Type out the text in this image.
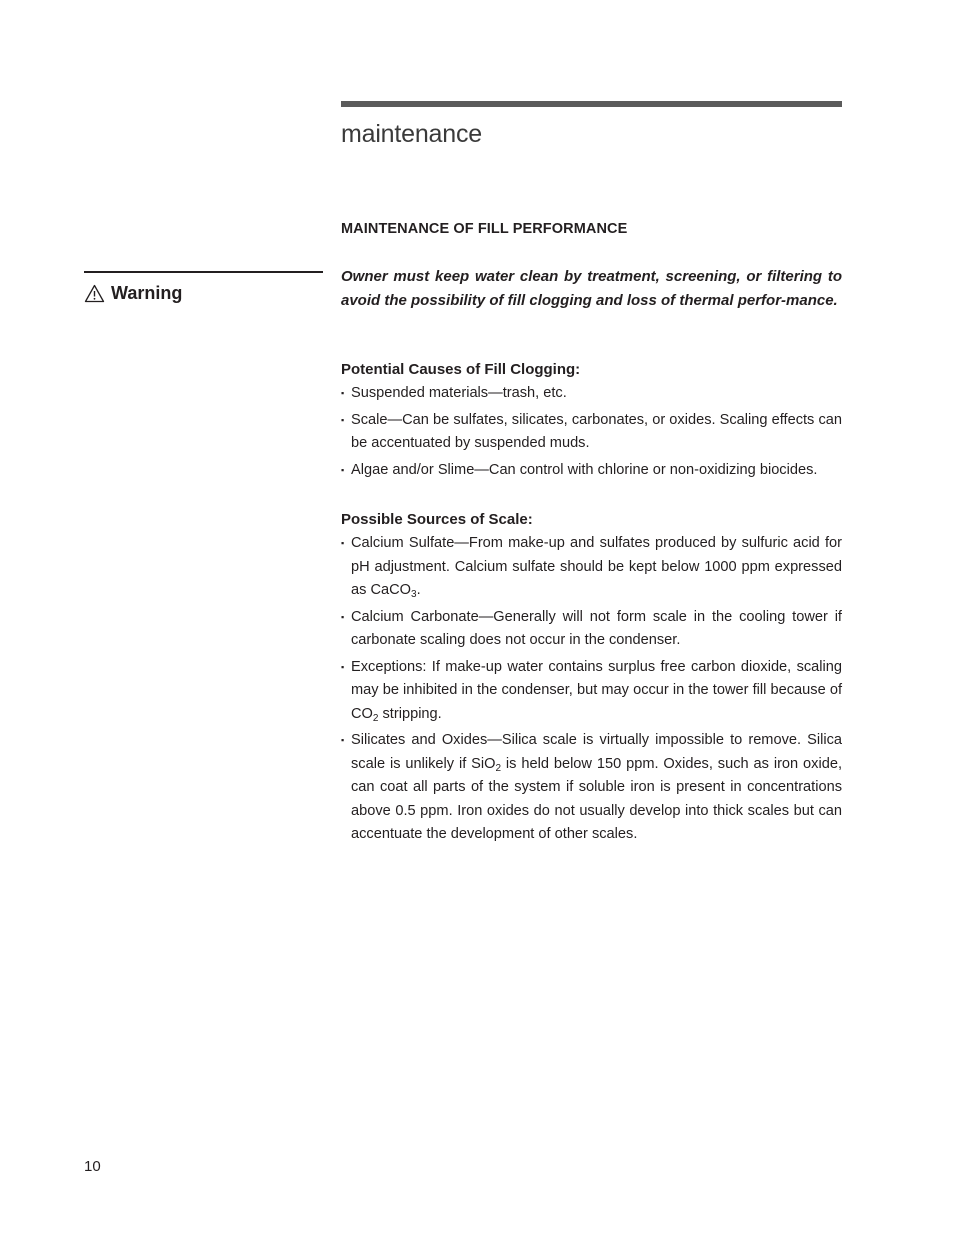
maintenance
Warning
MAINTENANCE OF FILL PERFORMANCE
Owner must keep water clean by treatment, screening, or filtering to avoid the possibility of fill clogging and loss of thermal perfor-mance.
Potential Causes of Fill Clogging:
▪ Suspended materials—trash, etc.
▪ Scale—Can be sulfates, silicates, carbonates, or oxides. Scaling effects can be accentuated by suspended muds.
▪ Algae and/or Slime—Can control with chlorine or non-oxidizing biocides.
Possible Sources of Scale:
▪ Calcium Sulfate—From make-up and sulfates produced by sulfuric acid for pH adjustment. Calcium sulfate should be kept below 1000 ppm expressed as CaCO$_3$.
▪ Calcium Carbonate—Generally will not form scale in the cooling tower if carbonate scaling does not occur in the condenser.
▪ Exceptions: If make-up water contains surplus free carbon dioxide, scaling may be inhibited in the condenser, but may occur in the tower fill because of $CO_2$ stripping.
▪ Silicates and Oxides—Silica scale is virtually impossible to remove. Silica scale is unlikely if SiO$_2$ is held below 150 ppm. Oxides, such as iron oxide, can coat all parts of the system if soluble iron is present in concentrations above 0.5 ppm. Iron oxides do not usually develop into thick scales but can accentuate the development of other scales.
10
